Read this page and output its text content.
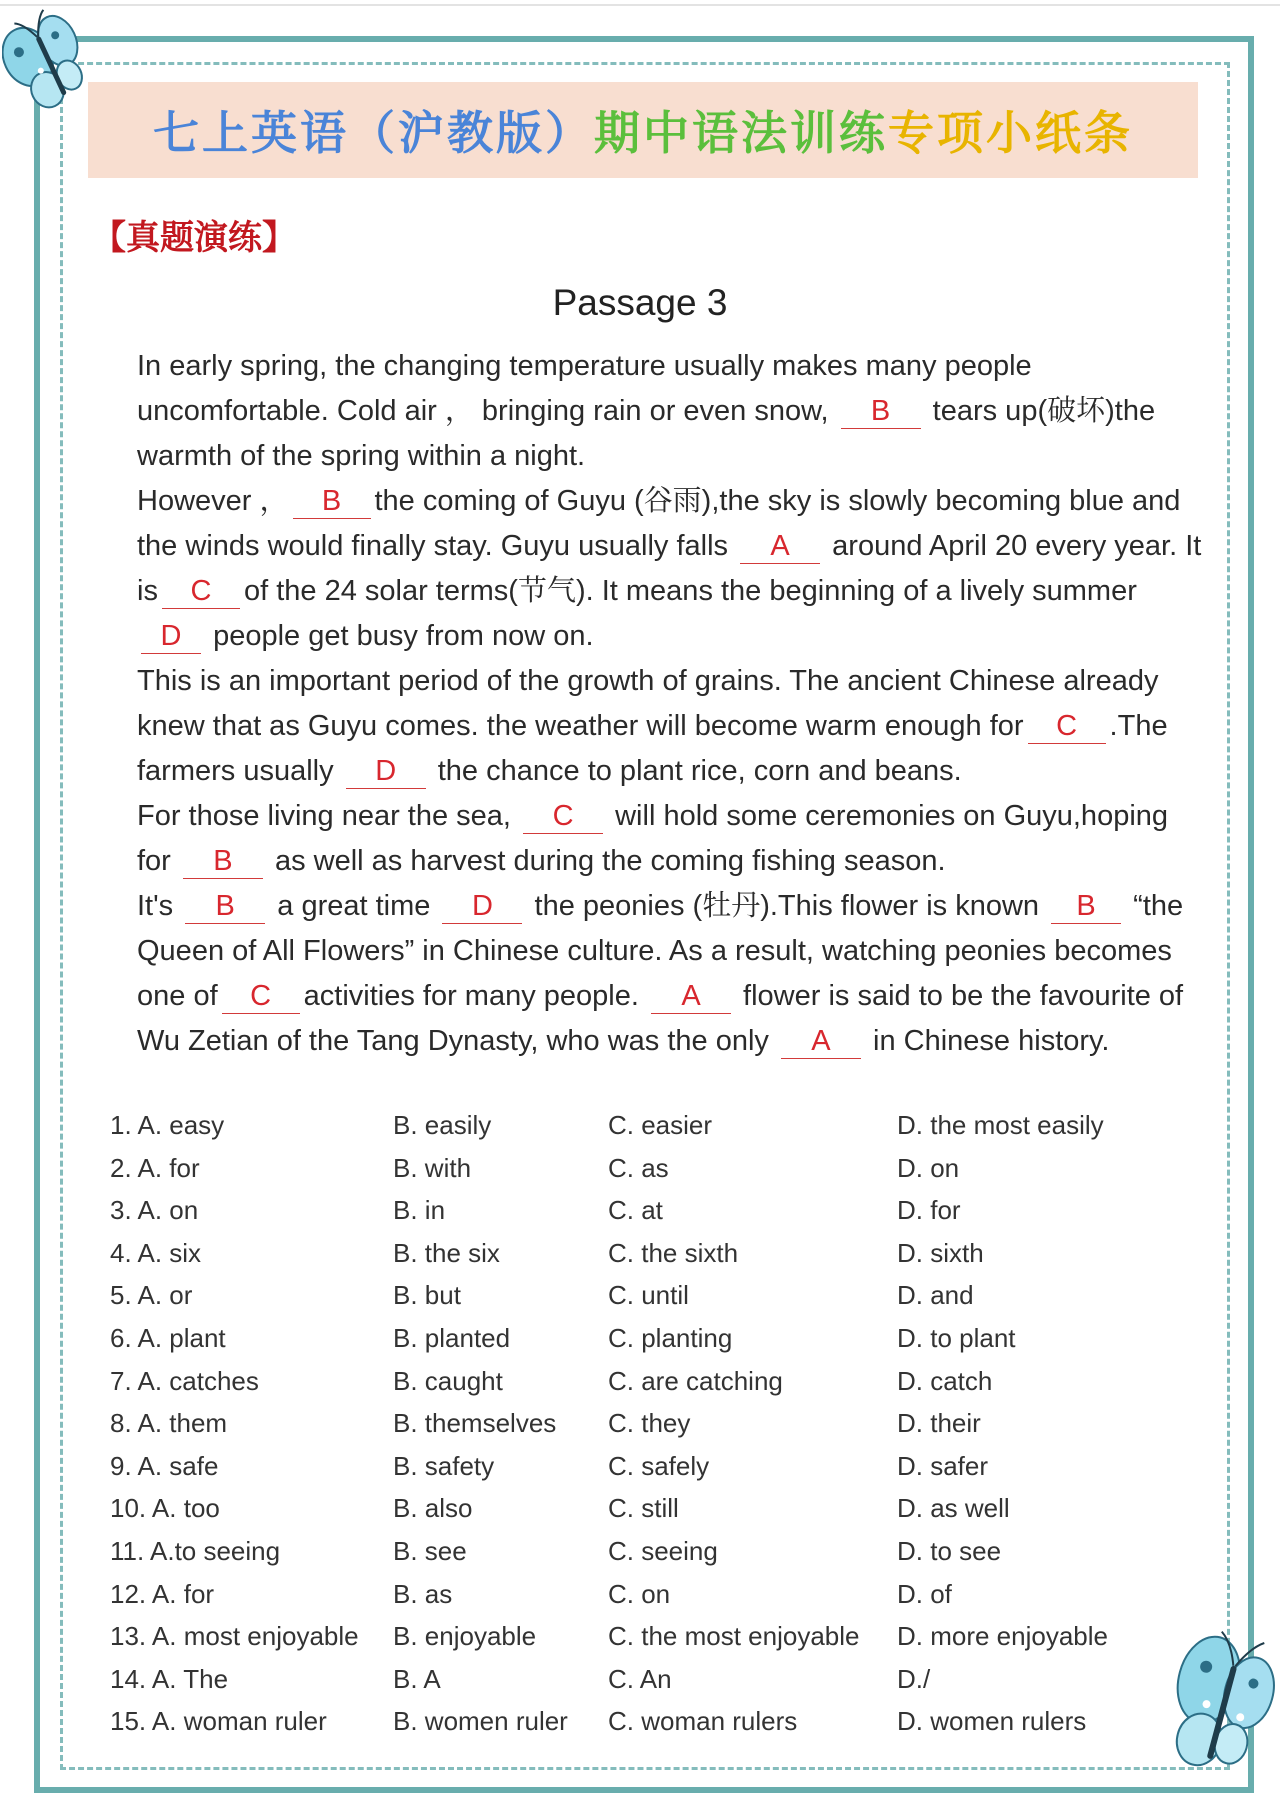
七上英语（沪教版） 期中语法训练 专项小纸条
【真题演练】
Passage 3

In early spring, the changing temperature usually makes many people uncomfortable. Cold air ， bringing rain or even snow, B tears up(破坏)the warmth of the spring within a night.

However ， B the coming of Guyu (谷雨),the sky is slowly becoming blue and the winds would finally stay. Guyu usually falls A around April 20 every year. It is C of the 24 solar terms(节气). It means the beginning of a lively summer D people get busy from now on.

This is an important period of the growth of grains. The ancient Chinese already knew that as Guyu comes. the weather will become warm enough for C .The farmers usually D the chance to plant rice, corn and beans.

For those living near the sea, C will hold some ceremonies on Guyu,hoping for B as well as harvest during the coming fishing season.

It's B a great time D the peonies (牡丹).This flower is known B “the Queen of All Flowers” in Chinese culture. As a result, watching peonies becomes one of C activities for many people. A flower is said to be the favourite of Wu Zetian of the Tang Dynasty, who was the only A in Chinese history.

1. A. easy	B. easily	C. easier	D. the most easily
2. A. for	B. with	C. as	D. on
3. A. on	B. in	C. at	D. for
4. A. six	B. the six	C. the sixth	D. sixth
5. A. or	B. but	C. until	D. and
6. A. plant	B. planted	C. planting	D. to plant
7. A. catches	B. caught	C. are catching	D. catch
8. A. them	B. themselves C. they	D. their
9. A. safe	B. safety	C. safely	D. safer
10. A. too	B. also	C. still	D. as well
11. A.to seeing	B. see	C. seeing	D. to see
12. A. for	B. as	C. on	D. of
13. A. most enjoyable B. enjoyable	C. the most enjoyable D. more enjoyable
14. A. The	B. A	C. An	D./
15. A. woman ruler	B. women ruler C. woman rulers	D. women rulers
